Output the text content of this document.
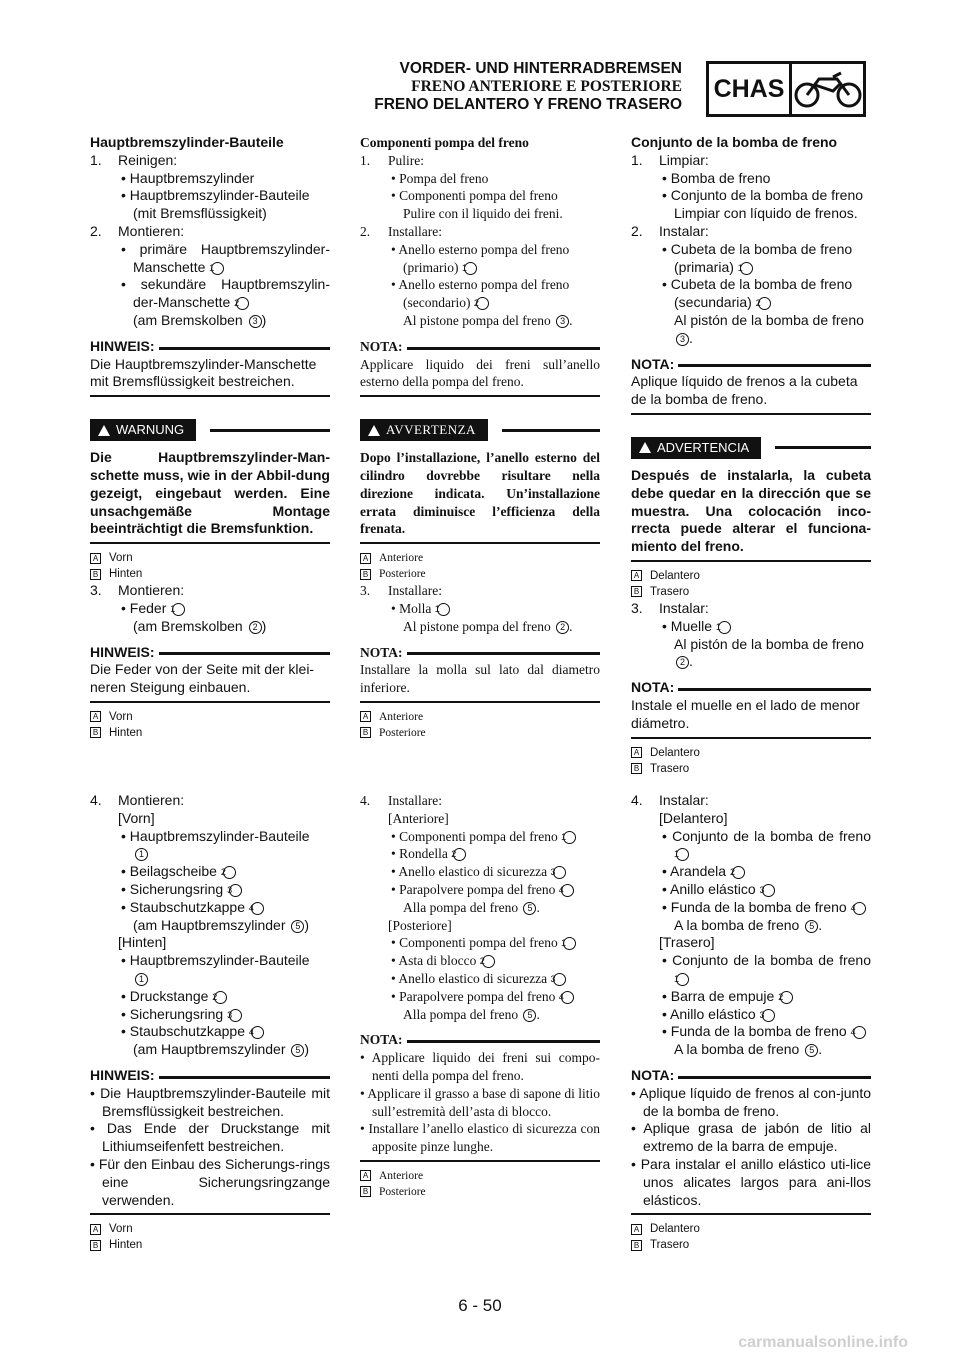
VORDER- UND HINTERRADBREMSEN
FRENO ANTERIORE E POSTERIORE
FRENO DELANTERO Y FRENO TRASERO
CHAS

Hauptbremszylinder-Bauteile

1. Reinigen:

• Hauptbremszylinder

• Hauptbremszylinder-Bauteile

(mit Bremsflüssigkeit)

2. Montieren:

• primäre Hauptbremszylinder-Manschette 1

• sekundäre Hauptbremszylin-der-Manschette 2

(am Bremskolben 3 )

HINWEIS:

Die Hauptbremszylinder-Manschette mit Bremsflüssigkeit bestreichen.

WARNUNG

Die Hauptbremszylinder-Man-schette muss, wie in der Abbil-dung gezeigt, eingebaut werden. Eine unsachgemäße Montage beeinträchtigt die Bremsfunktion.

A Vorn
B Hinten

3. Montieren:

• Feder 1

(am Bremskolben 2 )

HINWEIS:

Die Feder von der Seite mit der klei-neren Steigung einbauen.

A Vorn
B Hinten

4. Montieren:

[Vorn]

• Hauptbremszylinder-Bauteile

1

• Beilagscheibe 2

• Sicherungsring 3

• Staubschutzkappe 4

(am Hauptbremszylinder 5 )

[Hinten]

• Hauptbremszylinder-Bauteile

1

• Druckstange 2

• Sicherungsring 3

• Staubschutzkappe 4

(am Hauptbremszylinder 5 )

HINWEIS:

• Die Hauptbremszylinder-Bauteile mit Bremsflüssigkeit bestreichen.

• Das Ende der Druckstange mit Lithiumseifenfett bestreichen.

• Für den Einbau des Sicherungs-rings eine Sicherungsringzange verwenden.

A Vorn
B Hinten

Componenti pompa del freno

1. Pulire:

• Pompa del freno

• Componenti pompa del freno

Pulire con il liquido dei freni.

2. Installare:

• Anello esterno pompa del freno (primario) 1

• Anello esterno pompa del freno (secondario) 2

Al pistone pompa del freno 3 .

NOTA:

Applicare liquido dei freni sull’anello esterno della pompa del freno.

AVVERTENZA

Dopo l’installazione, l’anello esterno del cilindro dovrebbe risultare nella direzione indicata. Un’installazione errata diminuisce l’efficienza della frenata.

A Anteriore
B Posteriore

3. Installare:

• Molla 1

Al pistone pompa del freno 2 .

NOTA:

Installare la molla sul lato dal diametro inferiore.

A Anteriore
B Posteriore

4. Installare:

[Anteriore]

• Componenti pompa del freno 1

• Rondella 2

• Anello elastico di sicurezza 3

• Parapolvere pompa del freno 4

Alla pompa del freno 5 .

[Posteriore]

• Componenti pompa del freno 1

• Asta di blocco 2

• Anello elastico di sicurezza 3

• Parapolvere pompa del freno 4

Alla pompa del freno 5 .

NOTA:

• Applicare liquido dei freni sui compo-nenti della pompa del freno.

• Applicare il grasso a base di sapone di litio sull’estremità dell’asta di blocco.

• Installare l’anello elastico di sicurezza con apposite pinze lunghe.

A Anteriore
B Posteriore

Conjunto de la bomba de freno

1. Limpiar:

• Bomba de freno

• Conjunto de la bomba de freno

Limpiar con líquido de frenos.

2. Instalar:

• Cubeta de la bomba de freno (primaria) 1

• Cubeta de la bomba de freno (secundaria) 2

Al pistón de la bomba de freno 3 .

NOTA:

Aplique líquido de frenos a la cubeta de la bomba de freno.

ADVERTENCIA

Después de instalarla, la cubeta debe quedar en la dirección que se muestra. Una colocación inco-rrecta puede alterar el funciona-miento del freno.

A Delantero
B Trasero

3. Instalar:

• Muelle 1

Al pistón de la bomba de freno 2 .

NOTA:

Instale el muelle en el lado de menor diámetro.

A Delantero
B Trasero

4. Instalar:

[Delantero]

• Conjunto de la bomba de freno 1

• Arandela 2

• Anillo elástico 3

• Funda de la bomba de freno 4

A la bomba de freno 5 .

[Trasero]

• Conjunto de la bomba de freno 1

• Barra de empuje 2

• Anillo elástico 3

• Funda de la bomba de freno 4

A la bomba de freno 5 .

NOTA:

• Aplique líquido de frenos al con-junto de la bomba de freno.

• Aplique grasa de jabón de litio al extremo de la barra de empuje.

• Para instalar el anillo elástico uti-lice unos alicates largos para ani-llos elásticos.

A Delantero
B Trasero
6 - 50
carmanualsonline.info
